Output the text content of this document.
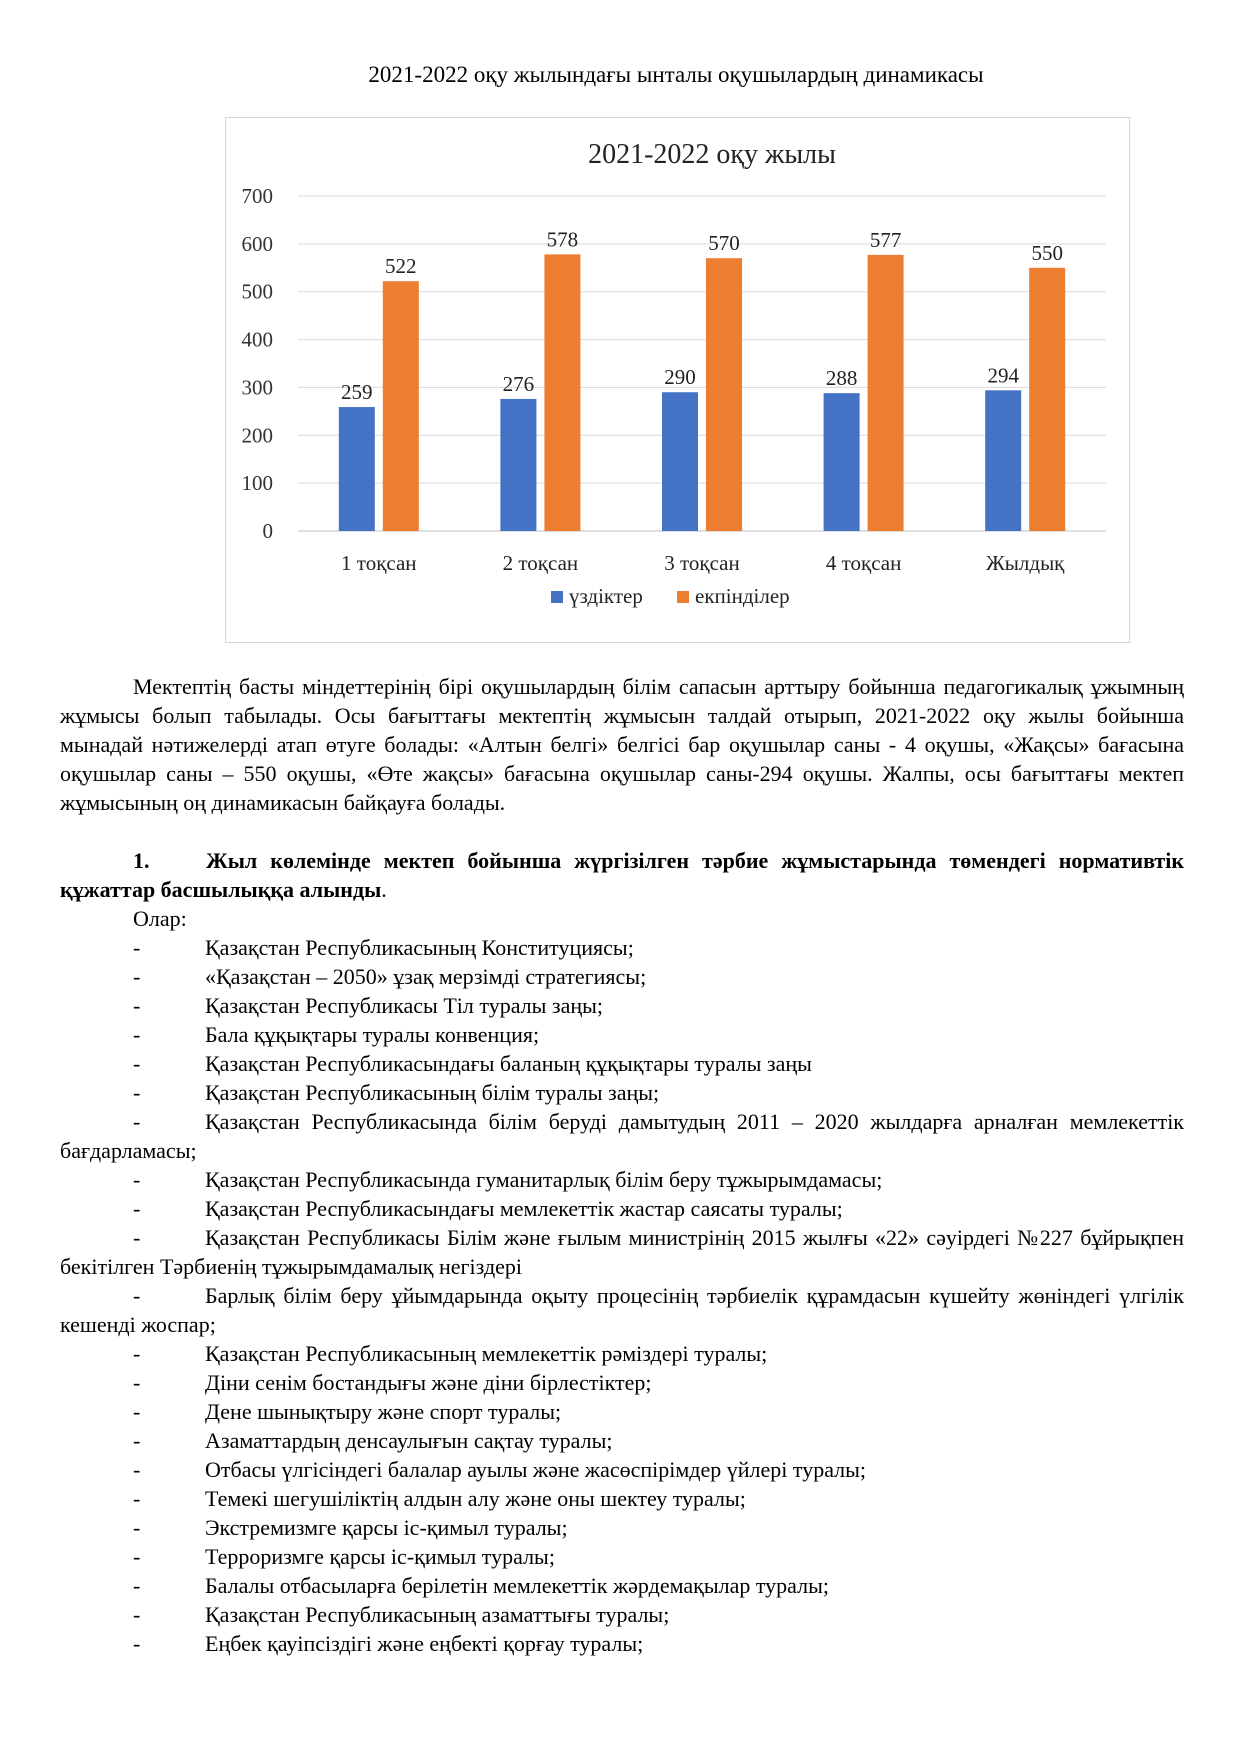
2021-2022 оқу жылындағы ынталы оқушылардың динамикасы
2021-2022 оқу жылы
0
100
200
300
400
500
600
700
259
522
1 тоқсан
276
578
2 тоқсан
290
570
3 тоқсан
288
577
4 тоқсан
294
550
Жылдық
үздіктер екпінділер

Мектептің басты міндеттерінің бірі оқушылардың білім сапасын арттыру бойынша педагогикалық ұжымның жұмысы болып табылады. Осы бағыттағы мектептің жұмысын талдай отырып, 2021-2022 оқу жылы бойынша мынадай нәтижелерді атап өтуге болады: «Алтын белгі» белгісі бар оқушылар саны - 4 оқушы, «Жақсы» бағасына оқушылар саны – 550 оқушы, «Өте жақсы» бағасына оқушылар саны-294 оқушы. Жалпы, осы бағыттағы мектеп жұмысының оң динамикасын байқауға болады.

1.	Жыл көлемінде мектеп бойынша жүргізілген тәрбие жұмыстарында төмендегі нормативтік құжаттар басшылыққа алынды.

Олар:

-	Қазақстан Республикасының Конституциясы;
-	«Қазақстан – 2050» ұзақ мерзімді стратегиясы;
-	Қазақстан Республикасы Тіл туралы заңы;
-	Бала құқықтары туралы конвенция;
-	Қазақстан Республикасындағы баланың құқықтары туралы заңы
-	Қазақстан Республикасының білім туралы заңы;
-	Қазақстан Республикасында білім беруді дамытудың 2011 – 2020 жылдарға арналған мемлекеттік бағдарламасы;
-	Қазақстан Республикасында гуманитарлық білім беру тұжырымдамасы;
-	Қазақстан Республикасындағы мемлекеттік жастар саясаты туралы;
-	Қазақстан Республикасы Білім және ғылым министрінің 2015 жылғы «22» сәуірдегі №227 бұйрықпен бекітілген Тәрбиенің тұжырымдамалық негіздері
-	Барлық білім беру ұйымдарында оқыту процесінің тәрбиелік құрамдасын күшейту жөніндегі үлгілік кешенді жоспар;
-	Қазақстан Республикасының мемлекеттік рәміздері туралы;
-	Діни сенім бостандығы және діни бірлестіктер;
-	Дене шынықтыру және спорт туралы;
-	Азаматтардың денсаулығын сақтау туралы;
-	Отбасы үлгісіндегі балалар ауылы және жасөспірімдер үйлері туралы;
-	Темекі шегушіліктің алдын алу және оны шектеу туралы;
-	Экстремизмге қарсы іс-қимыл туралы;
-	Терроризмге қарсы іс-қимыл туралы;
-	Балалы отбасыларға берілетін мемлекеттік жәрдемақылар туралы;
-	Қазақстан Республикасының азаматтығы туралы;
-	Еңбек қауіпсіздігі және еңбекті қорғау туралы;
